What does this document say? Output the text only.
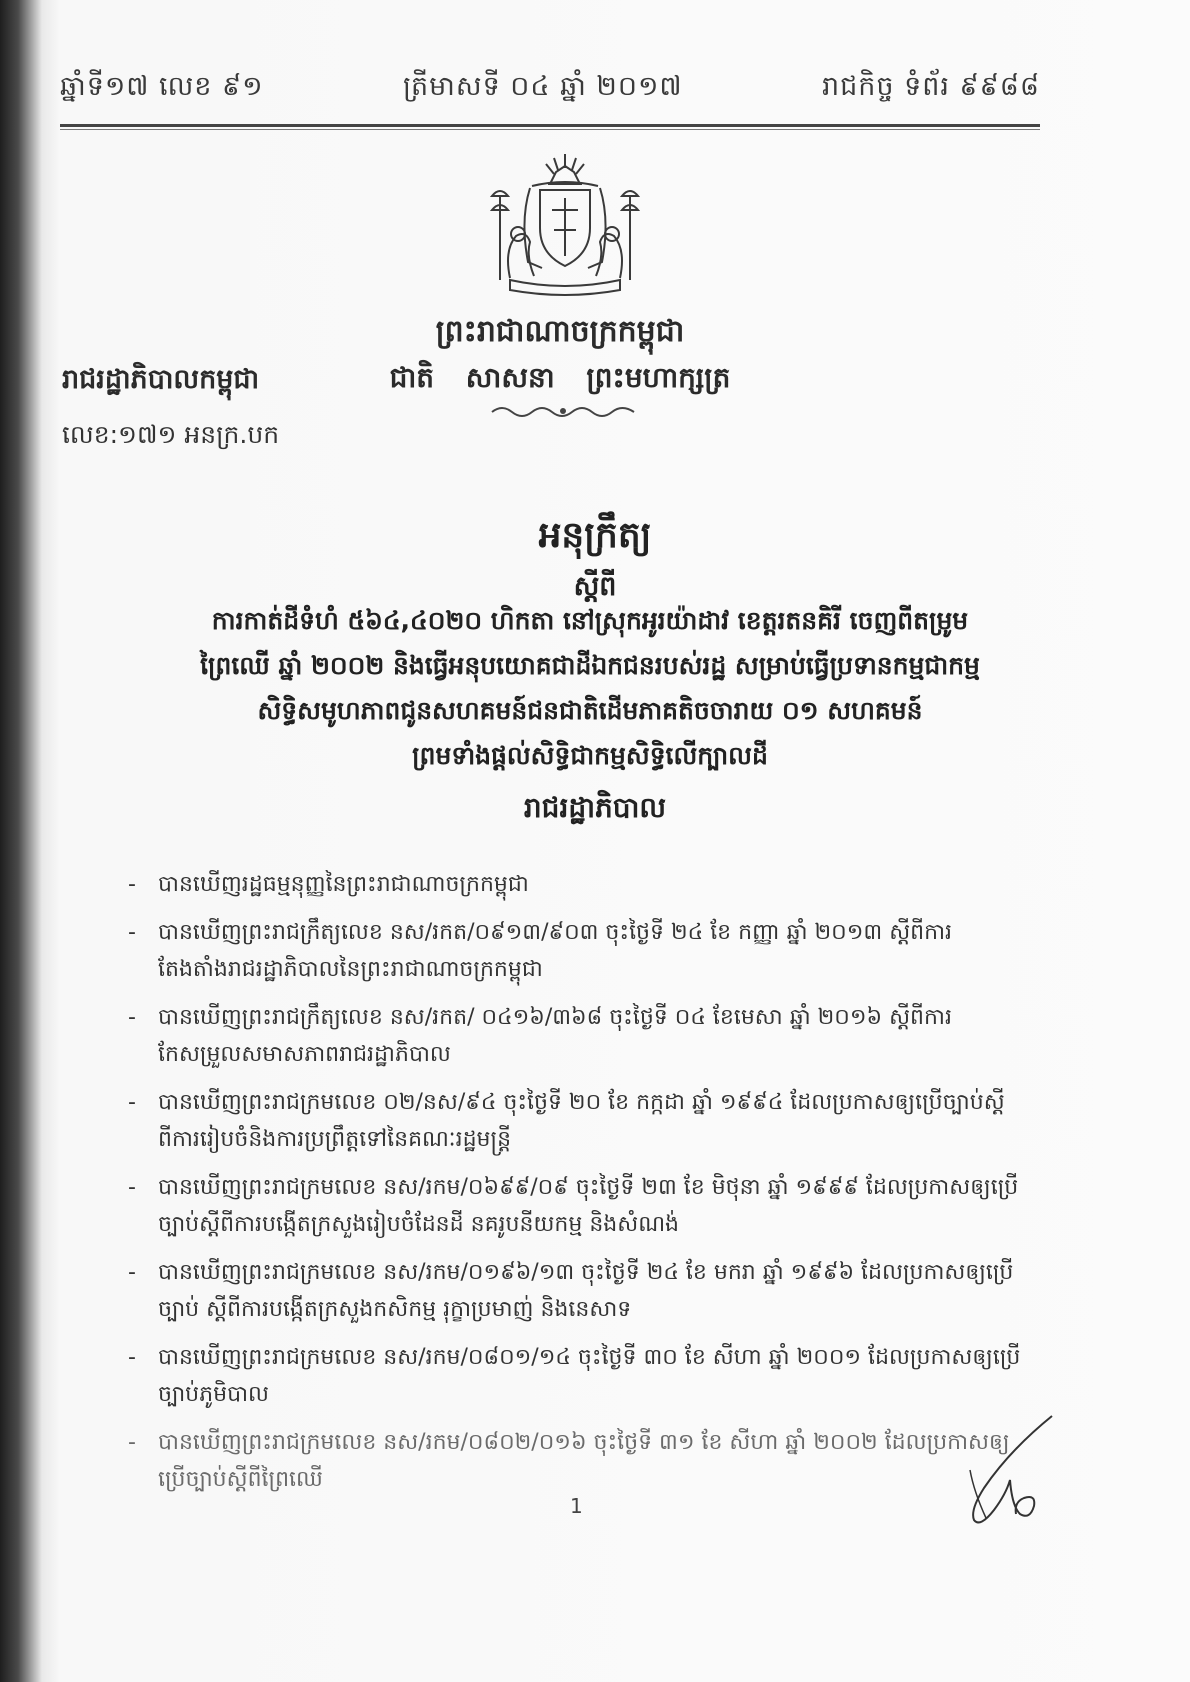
ឆ្នាំទី១៧ លេខ ៩១	ត្រីមាសទី ០៤ ឆ្នាំ ២០១៧	រាជកិច្ច ទំព័រ ៩៩៨៨
ព្រះរាជាណាចក្រកម្ពុជា
រាជរដ្ឋាភិបាលកម្ពុជា	ជាតិ សាសនា ព្រះមហាក្សត្រ
លេខ:១៧១ អនក្រ.បក
អនុក្រឹត្យ
ស្តីពី
ការកាត់ដីទំហំ ៥៦៤,៤០២០ ហិកតា នៅស្រុកអូរយ៉ាដាវ ខេត្តរតនគិរី ចេញពីតម្រូម
ព្រៃឈើ ឆ្នាំ ២០០២ និងធ្វើអនុបយោគជាដីឯកជនរបស់រដ្ឋ សម្រាប់ធ្វើប្រទានកម្មជាកម្ម
សិទ្ធិសមូហភាពជូនសហគមន៍ជនជាតិដើមភាគតិចចារាយ ០១ សហគមន៍
ព្រមទាំងផ្តល់សិទ្ធិជាកម្មសិទ្ធិលើក្បាលដី
រាជរដ្ឋាភិបាល
- បានឃើញរដ្ឋធម្មនុញ្ញនៃព្រះរាជាណាចក្រកម្ពុជា
- បានឃើញព្រះរាជក្រឹត្យលេខ នស/រកត/០៩១៣/៩០៣ ចុះថ្ងៃទី ២៤ ខែ កញ្ញា ឆ្នាំ ២០១៣ ស្តីពីការ
តែងតាំងរាជរដ្ឋាភិបាលនៃព្រះរាជាណាចក្រកម្ពុជា
- បានឃើញព្រះរាជក្រឹត្យលេខ នស/រកត/ ០៤១៦/៣៦៨ ចុះថ្ងៃទី ០៤ ខែមេសា ឆ្នាំ ២០១៦ ស្តីពីការ
កែសម្រួលសមាសភាពរាជរដ្ឋាភិបាល
- បានឃើញព្រះរាជក្រមលេខ ០២/នស/៩៤ ចុះថ្ងៃទី ២០ ខែ កក្កដា ឆ្នាំ ១៩៩៤ ដែលប្រកាសឲ្យប្រើច្បាប់ស្តី
ពីការរៀបចំនិងការប្រព្រឹត្តទៅនៃគណៈរដ្ឋមន្ត្រី
- បានឃើញព្រះរាជក្រមលេខ នស/រកម/០៦៩៩/០៩ ចុះថ្ងៃទី ២៣ ខែ មិថុនា ឆ្នាំ ១៩៩៩ ដែលប្រកាសឲ្យប្រើ
ច្បាប់ស្តីពីការបង្កើតក្រសួងរៀបចំដែនដី នគរូបនីយកម្ម និងសំណង់
- បានឃើញព្រះរាជក្រមលេខ នស/រកម/០១៩៦/១៣ ចុះថ្ងៃទី ២៤ ខែ មករា ឆ្នាំ ១៩៩៦ ដែលប្រកាសឲ្យប្រើ
ច្បាប់ ស្តីពីការបង្កើតក្រសួងកសិកម្ម រុក្ខាប្រមាញ់ និងនេសាទ
- បានឃើញព្រះរាជក្រមលេខ នស/រកម/០៨០១/១៤ ចុះថ្ងៃទី ៣០ ខែ សីហា ឆ្នាំ ២០០១ ដែលប្រកាសឲ្យប្រើ
ច្បាប់ភូមិបាល
- បានឃើញព្រះរាជក្រមលេខ នស/រកម/០៨០២/០១៦ ចុះថ្ងៃទី ៣១ ខែ សីហា ឆ្នាំ ២០០២ ដែលប្រកាសឲ្យ
ប្រើច្បាប់ស្តីពីព្រៃឈើ
1
